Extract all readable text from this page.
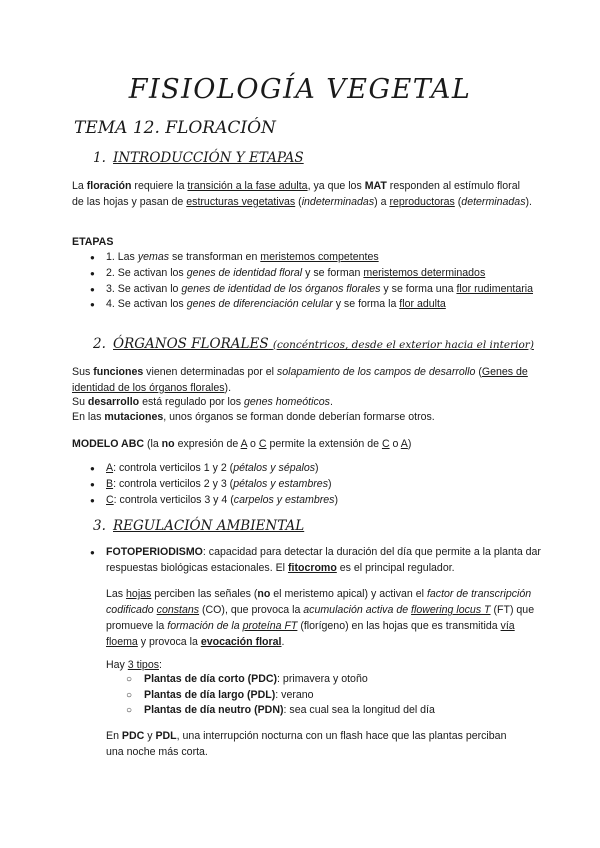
FISIOLOGÍA VEGETAL
TEMA 12. FLORACIÓN
1. INTRODUCCIÓN Y ETAPAS
La floración requiere la transición a la fase adulta, ya que los MAT responden al estímulo floral de las hojas y pasan de estructuras vegetativas (indeterminadas) a reproductoras (determinadas).
ETAPAS
● 1. Las yemas se transforman en meristemos competentes
● 2. Se activan los genes de identidad floral y se forman meristemos determinados
● 3. Se activan lo genes de identidad de los órganos florales y se forma una flor rudimentaria
● 4. Se activan los genes de diferenciación celular y se forma la flor adulta
2. ÓRGANOS FLORALES (concéntricos, desde el exterior hacia el interior)
Sus funciones vienen determinadas por el solapamiento de los campos de desarrollo (Genes de identidad de los órganos florales).
Su desarrollo está regulado por los genes homeóticos.
En las mutaciones, unos órganos se forman donde deberían formarse otros.
MODELO ABC (la no expresión de A o C permite la extensión de C o A)
● A: controla verticilos 1 y 2 (pétalos y sépalos)
● B: controla verticilos 2 y 3 (pétalos y estambres)
● C: controla verticilos 3 y 4 (carpelos y estambres)
3. REGULACIÓN AMBIENTAL
● FOTOPERIODISMO: capacidad para detectar la duración del día que permite a la planta dar respuestas biológicas estacionales. El fitocromo es el principal regulador.
Las hojas perciben las señales (no el meristemo apical) y activan el factor de transcripción codificado constans (CO), que provoca la acumulación activa de flowering locus T (FT) que promueve la formación de la proteína FT (florígeno) en las hojas que es transmitida vía floema y provoca la evocación floral.
Hay 3 tipos:
○ Plantas de día corto (PDC): primavera y otoño
○ Plantas de día largo (PDL): verano
○ Plantas de día neutro (PDN): sea cual sea la longitud del día
En PDC y PDL, una interrupción nocturna con un flash hace que las plantas perciban una noche más corta.
